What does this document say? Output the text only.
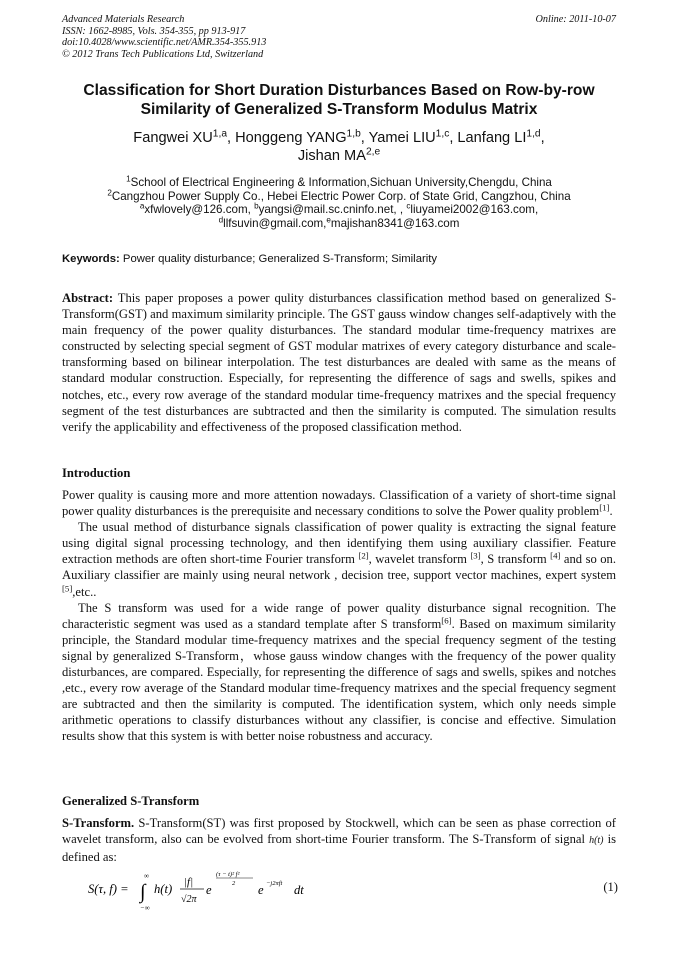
Advanced Materials Research
ISSN: 1662-8985, Vols. 354-355, pp 913-917
doi:10.4028/www.scientific.net/AMR.354-355.913
© 2012 Trans Tech Publications Ltd, Switzerland
Online: 2011-10-07
Classification for Short Duration Disturbances Based on Row-by-row Similarity of Generalized S-Transform Modulus Matrix
Fangwei XU$^{1,a}$, Honggeng YANG$^{1,b}$, Yamei LIU$^{1,c}$, Lanfang LI$^{1,d}$,
Jishan MA$^{2,e}$
$^1$School of Electrical Engineering & Information,Sichuan University,Chengdu, China
$^2$Cangzhou Power Supply Co., Hebei Electric Power Corp. of State Grid, Cangzhou, China
$^a$xfwlovely@126.com, $^b$yangsi@mail.sc.cninfo.net, , $^c$liuyamei2002@163.com,
$^d$llfsuvin@gmail.com,$^e$majishan8341@163.com
Keywords: Power quality disturbance; Generalized S-Transform; Similarity
Abstract: This paper proposes a power qulity disturbances classification method based on generalized S-Transform(GST) and maximum similarity principle. The GST gauss window changes self-adaptively with the main frequency of the power quality disturbances. The standard modular time-frequency matrixes are constructed by selecting special segment of GST modular matrixes of every category disturbance and scale-transforming based on bilinear interpolation. The test disturbances are dealed with same as the means of standard modular construction. Especially, for representing the difference of sags and swells, spikes and notches, etc., every row average of the standard modular time-frequency matrixes and the special frequency segment of the test disturbances are subtracted and then the similarity is computed. The simulation results verify the applicability and effectiveness of the proposed classification method.
Introduction

Power quality is causing more and more attention nowadays. Classification of a variety of short-time signal power quality disturbances is the prerequisite and necessary conditions to solve the Power quality problem[1].

The usual method of disturbance signals classification of power quality is extracting the signal feature using digital signal processing technology, and then identifying them using auxiliary classifier. Feature extraction methods are often short-time Fourier transform [2], wavelet transform [3], S transform [4] and so on. Auxiliary classifier are mainly using neural network , decision tree, support vector machines, expert system [5],etc..

The S transform was used for a wide range of power quality disturbance signal recognition. The characteristic segment was used as a standard template after S transform[6]. Based on maximum similarity principle, the Standard modular time-frequency matrixes and the special frequency segment of the testing signal by generalized S-Transform，whose gauss window changes with the frequency of the power quality disturbances, are compared. Especially, for representing the difference of sags and swells, spikes and notches ,etc., every row average of the Standard modular time-frequency matrixes and the special frequency segment are subtracted and then the similarity is computed. The identification system, which only needs simple arithmetic operations to classify disturbances without any classifier, is concise and effective. Simulation results show that this system is with better noise robustness and accuracy.

Generalized S-Transform

S-Transform. S-Transform(ST) was first proposed by Stockwell, which can be seen as phase correction of wavelet transform, also can be evolved from short-time Fourier transform. The S-Transform of signal h(t) is defined as:

S(τ, f) =
∞
∫
−∞
h(t) |f|
√2π
e
(τ − t)² f²
2 e −j2πft dt	(1)
